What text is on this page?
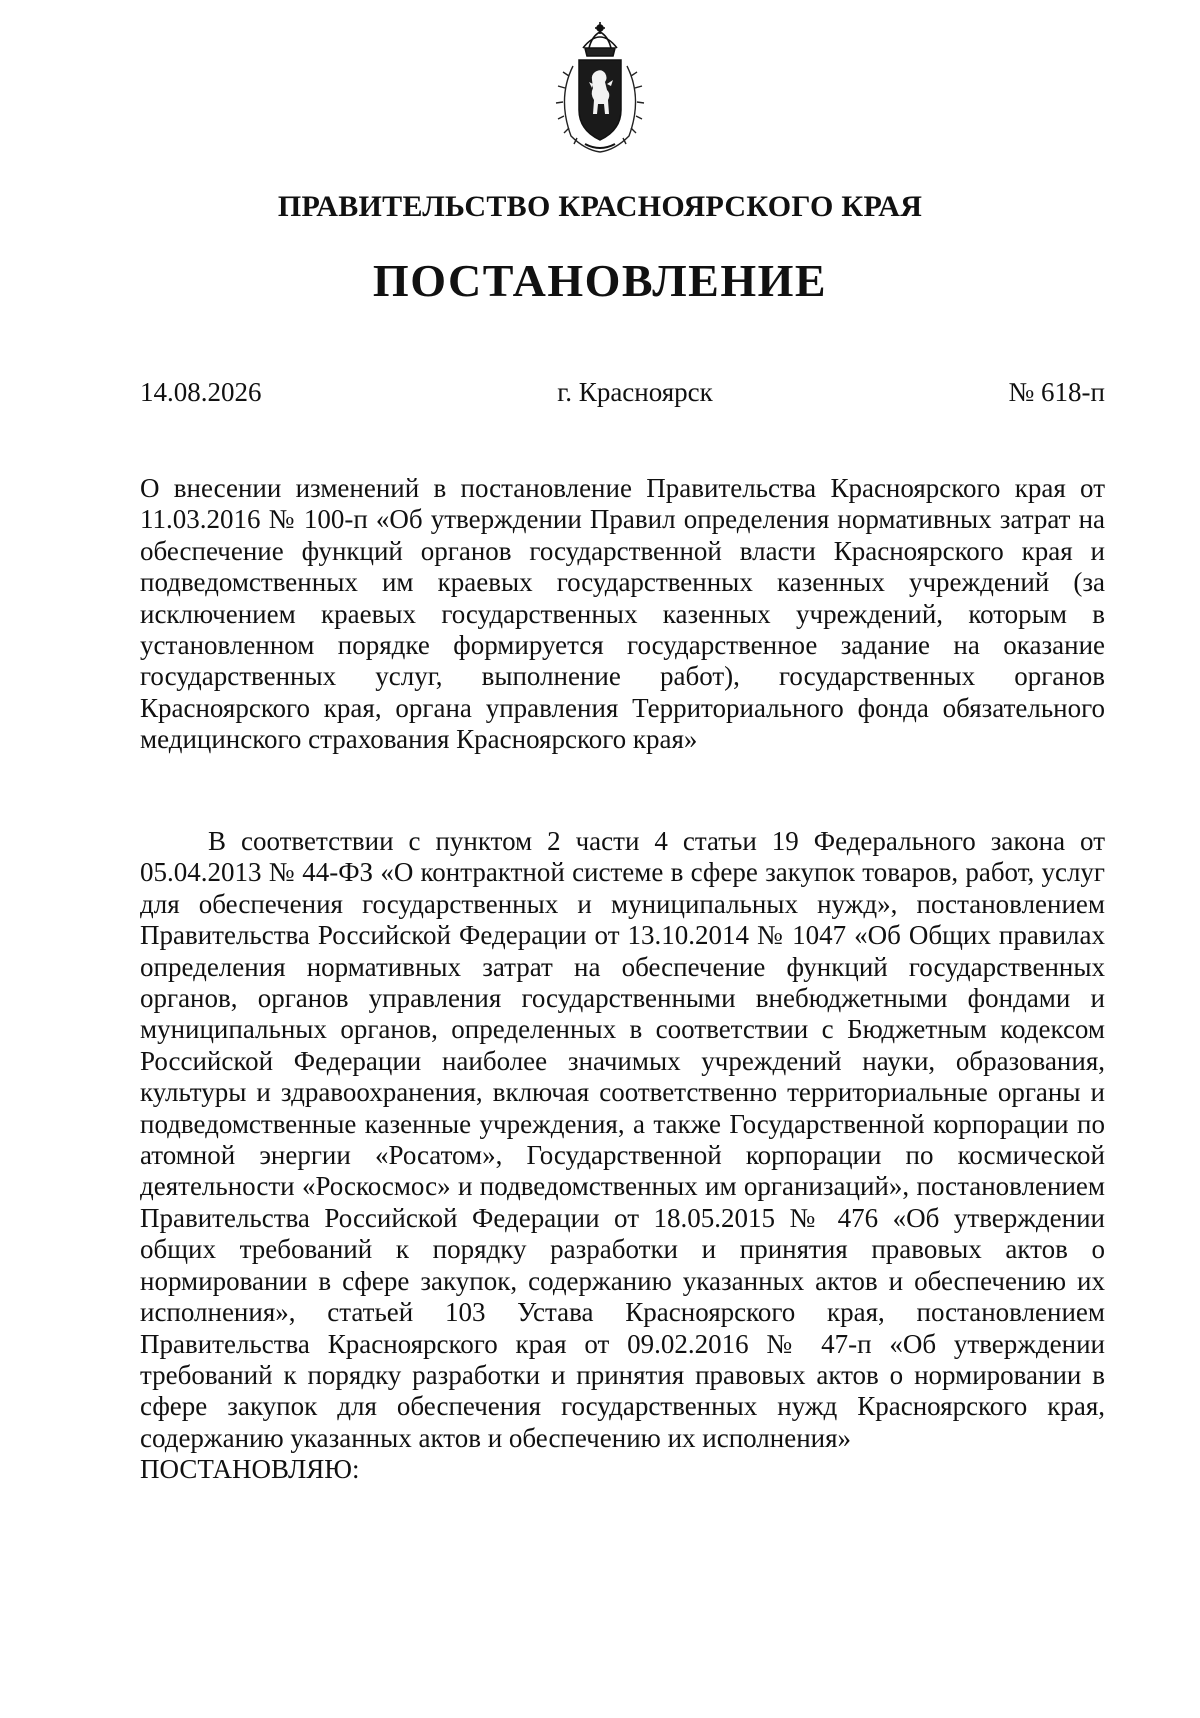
ПРАВИТЕЛЬСТВО КРАСНОЯРСКОГО КРАЯ
ПОСТАНОВЛЕНИЕ
14.08.2026	г. Красноярск	№ 618-п
О внесении изменений в постановление Правительства Красноярского края от 11.03.2016 № 100-п «Об утверждении Правил определения нормативных затрат на обеспечение функций органов государственной власти Красноярского края и подведомственных им краевых государственных казенных учреждений (за исключением краевых государственных казенных учреждений, которым в установленном порядке формируется государственное задание на оказание государственных услуг, выполнение работ), государственных органов Красноярского края, органа управления Территориального фонда обязательного медицинского страхования Красноярского края»
В соответствии с пунктом 2 части 4 статьи 19 Федерального закона от 05.04.2013 № 44-ФЗ «О контрактной системе в сфере закупок товаров, работ, услуг для обеспечения государственных и муниципальных нужд», постановлением Правительства Российской Федерации от 13.10.2014 № 1047 «Об Общих правилах определения нормативных затрат на обеспечение функций государственных органов, органов управления государственными внебюджетными фондами и муниципальных органов, определенных в соответствии с Бюджетным кодексом Российской Федерации наиболее значимых учреждений науки, образования, культуры и здравоохранения, включая соответственно территориальные органы и подведомственные казенные учреждения, а также Государственной корпорации по атомной энергии «Росатом», Государственной корпорации по космической деятельности «Роскосмос» и подведомственных им организаций», постановлением Правительства Российской Федерации от 18.05.2015 № 476 «Об утверждении общих требований к порядку разработки и принятия правовых актов о нормировании в сфере закупок, содержанию указанных актов и обеспечению их исполнения», статьей 103 Устава Красноярского края, постановлением Правительства Красноярского края от 09.02.2016 № 47-п «Об утверждении требований к порядку разработки и принятия правовых актов о нормировании в сфере закупок для обеспечения государственных нужд Красноярского края, содержанию указанных актов и обеспечению их исполнения»
ПОСТАНОВЛЯЮ:
